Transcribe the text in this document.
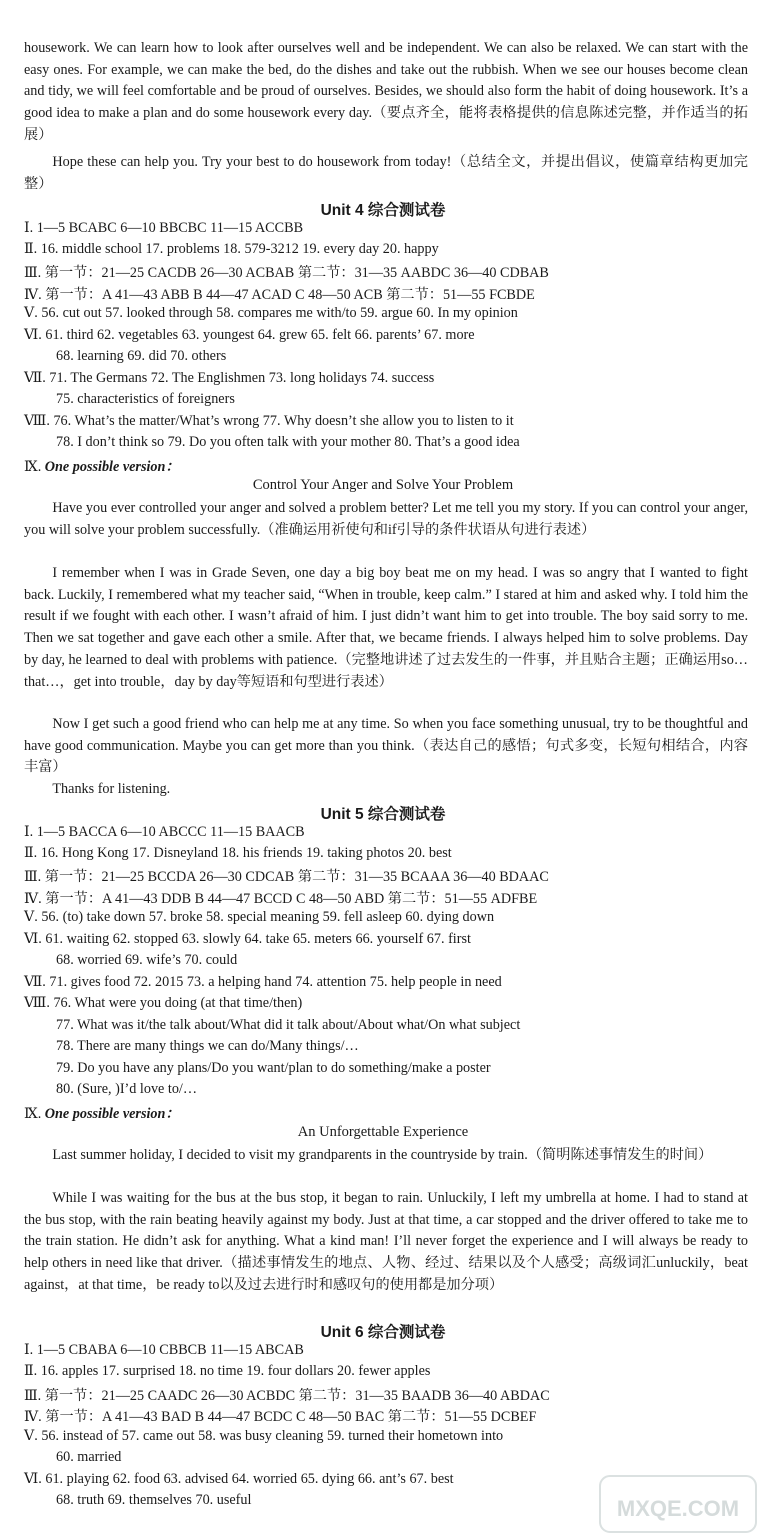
housework. We can learn how to look after ourselves well and be independent. We can also be relaxed. We can start with the easy ones. For example, we can make the bed, do the dishes and take out the rubbish. When we see our houses become clean and tidy, we will feel comfortable and be proud of ourselves. Besides, we should also form the habit of doing housework. It’s a good idea to make a plan and do some housework every day.（要点齐全，能将表格提供的信息陈述完整，并作适当的拓展）

Hope these can help you. Try your best to do housework from today!（总结全文，并提出倡议，使篇章结构更加完整）

Unit 4 综合测试卷

Ⅰ. 1—5 BCABC 6—10 BBCBC 11—15 ACCBB

Ⅱ. 16. middle school 17. problems 18. 579-3212 19. every day 20. happy

Ⅲ. 第一节：21—25 CACDB 26—30 ACBAB 第二节：31—35 AABDC 36—40 CDBAB

Ⅳ. 第一节：A 41—43 ABB B 44—47 ACAD C 48—50 ACB 第二节：51—55 FCBDE

Ⅴ. 56. cut out 57. looked through 58. compares me with/to 59. argue 60. In my opinion

Ⅵ. 61. third 62. vegetables 63. youngest 64. grew 65. felt 66. parents’ 67. more

68. learning 69. did 70. others

Ⅶ. 71. The Germans 72. The Englishmen 73. long holidays 74. success

75. characteristics of foreigners

Ⅷ. 76. What’s the matter/What’s wrong 77. Why doesn’t she allow you to listen to it

78. I don’t think so 79. Do you often talk with your mother 80. That’s a good idea

Ⅸ. One possible version：

Control Your Anger and Solve Your Problem

Have you ever controlled your anger and solved a problem better? Let me tell you my story. If you can control your anger, you will solve your problem successfully.（准确运用祈使句和if引导的条件状语从句进行表述）

I remember when I was in Grade Seven, one day a big boy beat me on my head. I was so angry that I wanted to fight back. Luckily, I remembered what my teacher said, “When in trouble, keep calm.” I stared at him and asked why. I told him the result if we fought with each other. I wasn’t afraid of him. I just didn’t want him to get into trouble. The boy said sorry to me. Then we sat together and gave each other a smile. After that, we became friends. I always helped him to solve problems. Day by day, he learned to deal with problems with patience.（完整地讲述了过去发生的一件事，并且贴合主题；正确运用so…that…，get into trouble，day by day等短语和句型进行表述）

Now I get such a good friend who can help me at any time. So when you face something unusual, try to be thoughtful and have good communication. Maybe you can get more than you think.（表达自己的感悟；句式多变，长短句相结合，内容丰富）

Thanks for listening.

Unit 5 综合测试卷

Ⅰ. 1—5 BACCA 6—10 ABCCC 11—15 BAACB

Ⅱ. 16. Hong Kong 17. Disneyland 18. his friends 19. taking photos 20. best

Ⅲ. 第一节：21—25 BCCDA 26—30 CDCAB 第二节：31—35 BCAAA 36—40 BDAAC

Ⅳ. 第一节：A 41—43 DDB B 44—47 BCCD C 48—50 ABD 第二节：51—55 ADFBE

Ⅴ. 56. (to) take down 57. broke 58. special meaning 59. fell asleep 60. dying down

Ⅵ. 61. waiting 62. stopped 63. slowly 64. take 65. meters 66. yourself 67. first

68. worried 69. wife’s 70. could

Ⅶ. 71. gives food 72. 2015 73. a helping hand 74. attention 75. help people in need

Ⅷ. 76. What were you doing (at that time/then)

77. What was it/the talk about/What did it talk about/About what/On what subject

78. There are many things we can do/Many things/…

79. Do you have any plans/Do you want/plan to do something/make a poster

80. (Sure, )I’d love to/…

Ⅸ. One possible version：

An Unforgettable Experience

Last summer holiday, I decided to visit my grandparents in the countryside by train.（简明陈述事情发生的时间）

While I was waiting for the bus at the bus stop, it began to rain. Unluckily, I left my umbrella at home. I had to stand at the bus stop, with the rain beating heavily against my body. Just at that time, a car stopped and the driver offered to take me to the train station. He didn’t ask for anything. What a kind man! I’ll never forget the experience and I will always be ready to help others in need like that driver.（描述事情发生的地点、人物、经过、结果以及个人感受；高级词汇unluckily，beat against，at that time，be ready to以及过去进行时和感叹句的使用都是加分项）

Unit 6 综合测试卷

Ⅰ. 1—5 CBABA 6—10 CBBCB 11—15 ABCAB

Ⅱ. 16. apples 17. surprised 18. no time 19. four dollars 20. fewer apples

Ⅲ. 第一节：21—25 CAADC 26—30 ACBDC 第二节：31—35 BAADB 36—40 ABDAC

Ⅳ. 第一节：A 41—43 BAD B 44—47 BCDC C 48—50 BAC 第二节：51—55 DCBEF

Ⅴ. 56. instead of 57. came out 58. was busy cleaning 59. turned their hometown into

60. married

Ⅵ. 61. playing 62. food 63. advised 64. worried 65. dying 66. ant’s 67. best

68. truth 69. themselves 70. useful	MXQE.COM
